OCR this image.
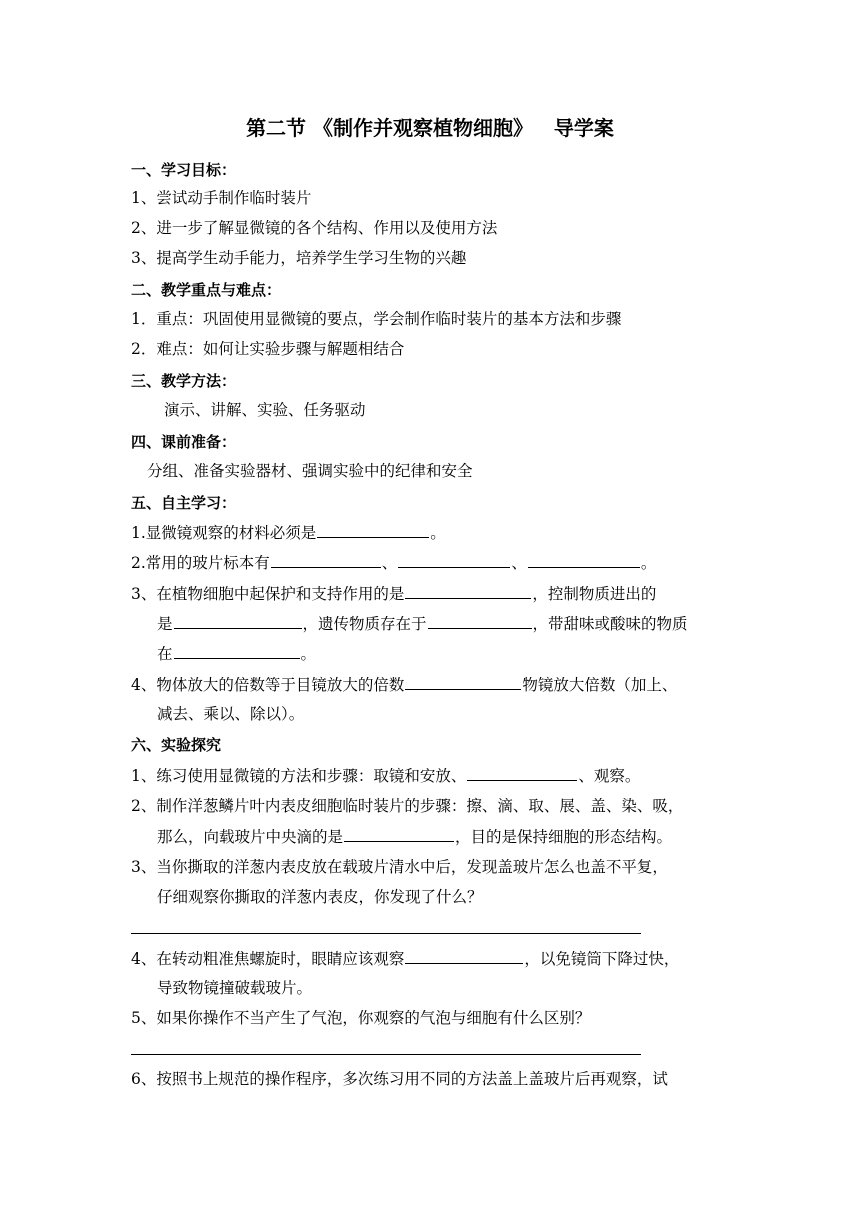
第二节 《制作并观察植物细胞》   导学案
一、学习目标：
1、尝试动手制作临时装片
2、进一步了解显微镜的各个结构、作用以及使用方法
3、提高学生动手能力，培养学生学习生物的兴趣
二、教学重点与难点：
1．重点：巩固使用显微镜的要点，学会制作临时装片的基本方法和步骤
2．难点：如何让实验步骤与解题相结合
三、教学方法：
演示、讲解、实验、任务驱动
四、课前准备：
分组、准备实验器材、强调实验中的纪律和安全
五、自主学习：
1.显微镜观察的材料必须是	。
2.常用的玻片标本有	、	、	。
3、在植物细胞中起保护和支持作用的是	，控制物质进出的
是	，遗传物质存在于	，带甜味或酸味的物质
在	。
4、物体放大的倍数等于目镜放大的倍数	物镜放大倍数（加上、
减去、乘以、除以）。
六、实验探究
1、练习使用显微镜的方法和步骤：取镜和安放、	、观察。
2、制作洋葱鳞片叶内表皮细胞临时装片的步骤：擦、滴、取、展、盖、染、吸，
那么，向载玻片中央滴的是	，目的是保持细胞的形态结构。
3、当你撕取的洋葱内表皮放在载玻片清水中后，发现盖玻片怎么也盖不平复，
仔细观察你撕取的洋葱内表皮，你发现了什么？
4、在转动粗准焦螺旋时，眼睛应该观察	，以免镜筒下降过快，
导致物镜撞破载玻片。
5、如果你操作不当产生了气泡，你观察的气泡与细胞有什么区别？
6、按照书上规范的操作程序，多次练习用不同的方法盖上盖玻片后再观察，试
